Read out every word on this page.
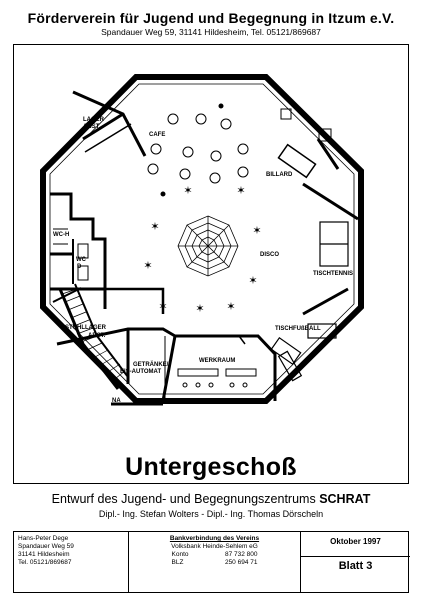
Förderverein für Jugend und Begegnung in Itzum e.V.
Spandauer Weg 59, 31141 Hildesheim, Tel. 05121/869687
✶
✶
✶
✶	✶ ✶
✶
✶
✶
LAGER
ABST.
CAFE
BILLARD
WC-H
WC
D
DISCO
TISCHTENNIS
STUHLLAGER
ABST.
GETRÄNKE/
EIS-AUTOMAT
WERKRAUM
TISCHFUßBALL
NA
Untergeschoß
Entwurf des Jugend- und Begegnungszentrums SCHRAT
Dipl.- Ing. Stefan Wolters - Dipl.- Ing. Thomas Dörscheln
Hans-Peter Dege
Spandauer Weg 59
31141 Hildesheim
Tel. 05121/869687
Bankverbindung des Vereins
Volksbank Heinde-Sehlem eG
Konto	87 732 800
BLZ	250 694 71
Oktober 1997
Blatt 3
